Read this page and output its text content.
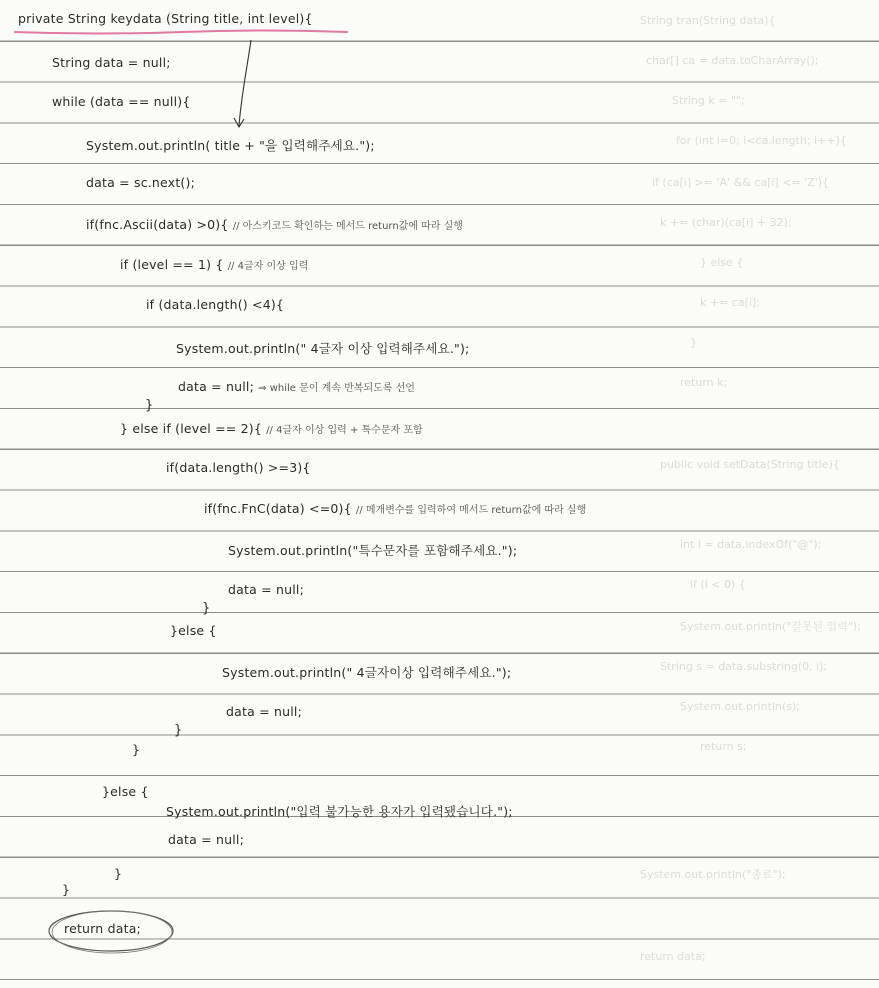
String tran(String data){
char[] ca = data.toCharArray();
String k = "";
for (int i=0; i<ca.length; i++){
if (ca[i] >= 'A' && ca[i] <= 'Z'){
k += (char)(ca[i] + 32);
} else {
k += ca[i];
}
return k;
public void setData(String title){
int i = data.indexOf("@");
if (i < 0) {
System.out.println("잘못된 입력");
String s = data.substring(0, i);
System.out.println(s);
return s;
System.out.println("종료");
return data;
private String keydata (String title, int level){
String data = null;
while (data == null){
System.out.println( title + "을 입력해주세요.");
data = sc.next();
if(fnc.Ascii(data) >0){ // 아스키코드 확인하는 메서드 return값에 따라 실행
if (level == 1) { // 4글자 이상 입력
if (data.length() <4){
System.out.println(" 4글자 이상 입력해주세요.");
data = null; ⇒ while 문이 계속 반복되도록 선언
}
} else if (level == 2){ // 4글자 이상 입력 + 특수문자 포함
if(data.length() >=3){
if(fnc.FnC(data) <=0){ // 메개변수를 입력하여 메서드 return값에 따라 실행
System.out.println("특수문자를 포함해주세요.");
data = null;
}
}else {
System.out.println(" 4글자이상 입력해주세요.");
data = null;
}
}
}else {
System.out.println("입력 불가능한 용자가 입력됐습니다.");
data = null;
}
}
return data;
